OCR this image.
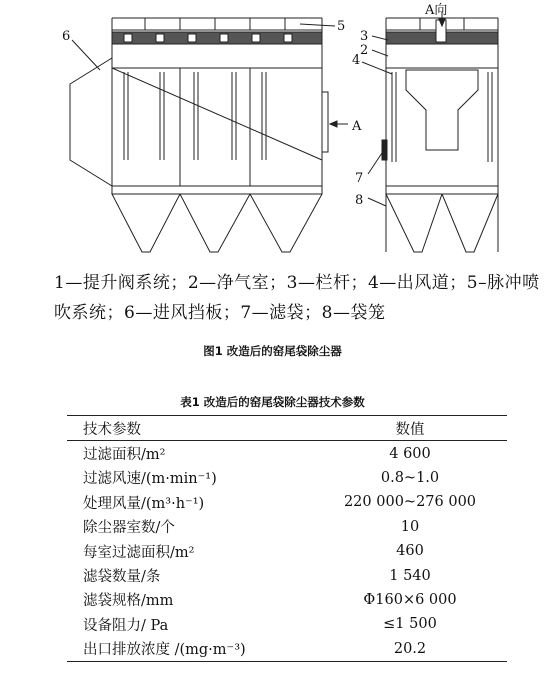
6
5
4
A
A向
3
2
7
8
1—提升阀系统；2—净气室；3—栏杆；4—出风道；5–脉冲喷
吹系统；6—进风挡板；7—滤袋；8—袋笼
图1 改造后的窑尾袋除尘器
表1 改造后的窑尾袋除尘器技术参数
技术参数	数值
过滤面积/m²	4 600
过滤风速/(m·min⁻¹)	0.8~1.0
处理风量/(m³·h⁻¹)	220 000~276 000
除尘器室数/个	10
每室过滤面积/m²	460
滤袋数量/条	1 540
滤袋规格/mm	Φ160×6 000
设备阻力/ Pa	≤1 500
出口排放浓度 /(mg·m⁻³)	20.2
